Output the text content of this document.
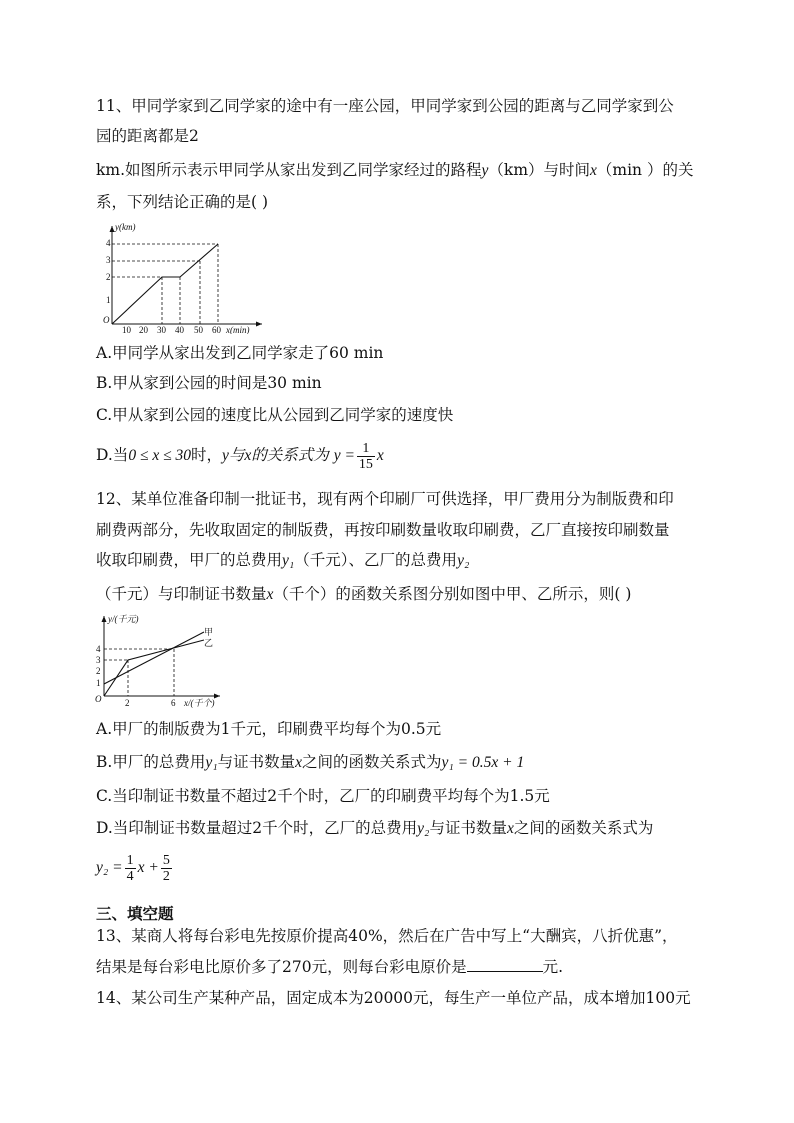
11、甲同学家到乙同学家的途中有一座公园，甲同学家到公园的距离与乙同学家到公
园的距离都是2
km.如图所示表示甲同学从家出发到乙同学家经过的路程y（km）与时间x（min ）的关
系，下列结论正确的是( )
y(km)
4
3
2
1
O
10 20 30 40 50 60 x(min)
A.甲同学从家出发到乙同学家走了60 min
B.甲从家到公园的时间是30 min
C.甲从家到公园的速度比从公园到乙同学家的速度快
D.当0 ≤ x ≤ 30时，y与x的关系式为 $y = \frac{1}{15}$ x
12、某单位准备印制一批证书，现有两个印刷厂可供选择，甲厂费用分为制版费和印
刷费两部分，先收取固定的制版费，再按印刷数量收取印刷费，乙厂直接按印刷数量
收取印刷费，甲厂的总费用y₁（千元）、乙厂的总费用y₂
（千元）与印制证书数量x（千个）的函数关系图分别如图中甲、乙所示，则( )
y/(千元)
4
3
2
1
O	2	6 x/(千个)
甲
乙
A.甲厂的制版费为1千元，印刷费平均每个为0.5元
B.甲厂的总费用y₁与证书数量x之间的函数关系式为y₁ = 0.5x + 1
C.当印制证书数量不超过2千个时，乙厂的印刷费平均每个为1.5元
D.当印制证书数量超过2千个时，乙厂的总费用y₂与证书数量x之间的函数关系式为
$y_2 = \frac{1}{4}$ $x + \frac{5}{2}$
三、填空题
13、某商人将每台彩电先按原价提高40%，然后在广告中写上“大酬宾，八折优惠”，
结果是每台彩电比原价多了270元，则每台彩电原价是	元.
14、某公司生产某种产品，固定成本为20000元，每生产一单位产品，成本增加100元
